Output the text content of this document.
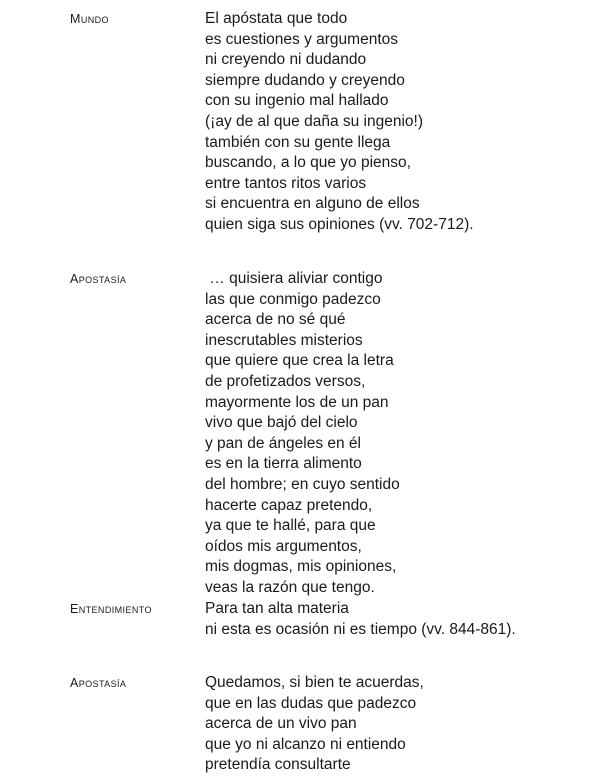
Mundo	El apóstata que todo
es cuestiones y argumentos
ni creyendo ni dudando
siempre dudando y creyendo
con su ingenio mal hallado
(¡ay de al que daña su ingenio!)
también con su gente llega
buscando, a lo que yo pienso,
entre tantos ritos varios
si encuentra en alguno de ellos
quien siga sus opiniones (vv. 702-712).
Apostasía	… quisiera aliviar contigo
las que conmigo padezco
acerca de no sé qué
inescrutables misterios
que quiere que crea la letra
de profetizados versos,
mayormente los de un pan
vivo que bajó del cielo
y pan de ángeles en él
es en la tierra alimento
del hombre; en cuyo sentido
hacerte capaz pretendo,
ya que te hallé, para que
oídos mis argumentos,
mis dogmas, mis opiniones,
veas la razón que tengo.
Entendimiento	Para tan alta materia
ni esta es ocasión ni es tiempo (vv. 844-861).
Apostasía	Quedamos, si bien te acuerdas,
que en las dudas que padezco
acerca de un vivo pan
que yo ni alcanzo ni entiendo
pretendía consultarte
